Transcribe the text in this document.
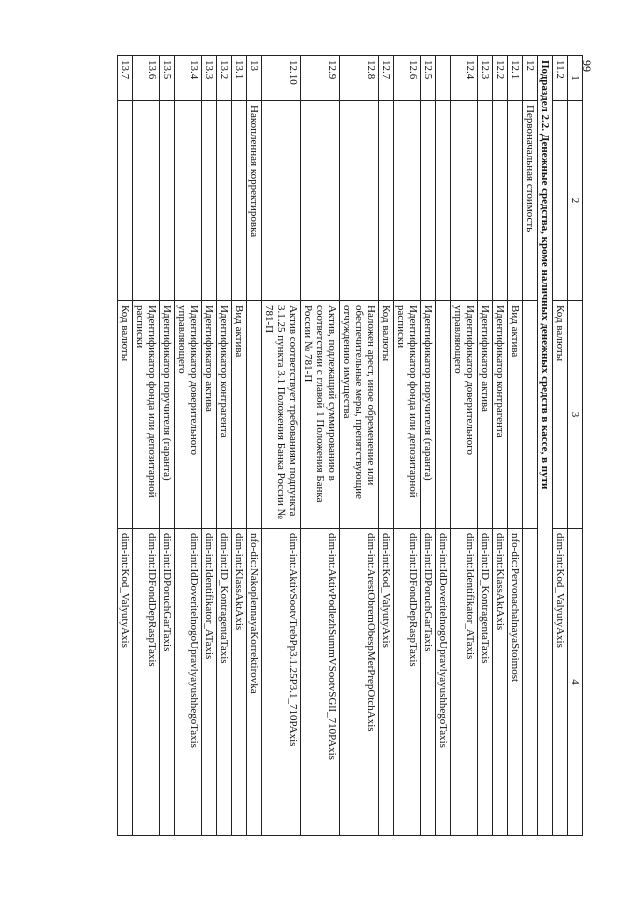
1	2	3	4
11.2		Код валюты	dim-int:Kod_ValyutyAxis
Подраздел 2.2. Денежные средства, кроме наличных денежных средств в кассе, в пути			
12	Первоначальная стоимость		
12.1		Вид актива	nfo-dic:PervonachalnayaStoimost
12.2		Идентификатор контрагента	dim-int:KlassAktAxis
12.3		Идентификатор актива	dim-int:ID_KontragentaTaxis
12.4		Идентификатор доверительного управляющего	dim-int:Identifikator_ATaxis
			dim-int:IdDoveritelnogoUpravlyayushhegoTaxis
12.5		Идентификатор поручителя (гаранта)	dim-int:IDPoruchGarTaxis
12.6		Идентификатор фонда или депозитарной расписки	dim-int:IDFondDepRaspTaxis
12.7		Код валюты	dim-int:Kod_ValyutyAxis
12.8		Наложен арест, иное обременение или обеспечительные меры, препятствующие отчуждению имущества	dim-int:ArestObremObespMerPrepOtchAxis
12.9		Актив, подлежащий суммированию в соответствии с главой 1 Положения Банка России № 781-П	dim-int:AktivPodlezhSummVSootvSGlI_710PAxis
12.10		Актив соответствует требованиям подпункта 3.1.25 пункта 3.1 Положения Банка России № 781-П	dim-int:AktivSootvTrebPp3.1.25P3.1_710PAxis
13	Накопленная корректировка		nfo-dic:NakoplennayaKorrektirovka
13.1		Вид актива	dim-int:KlassAktAxis
13.2		Идентификатор контрагента	dim-int:ID_KontragentaTaxis
13.3		Идентификатор актива	dim-int:Identifikator_ATaxis
13.4		Идентификатор доверительного управляющего	dim-int:IdDoveritelnogoUpravlyayushhegoTaxis
13.5		Идентификатор поручителя (гаранта)	dim-int:IDPoruchGarTaxis
13.6		Идентификатор фонда или депозитарной расписки	dim-int:IDFondDepRaspTaxis
13.7		Код валюты	dim-int:Kod_ValyutyAxis
99
